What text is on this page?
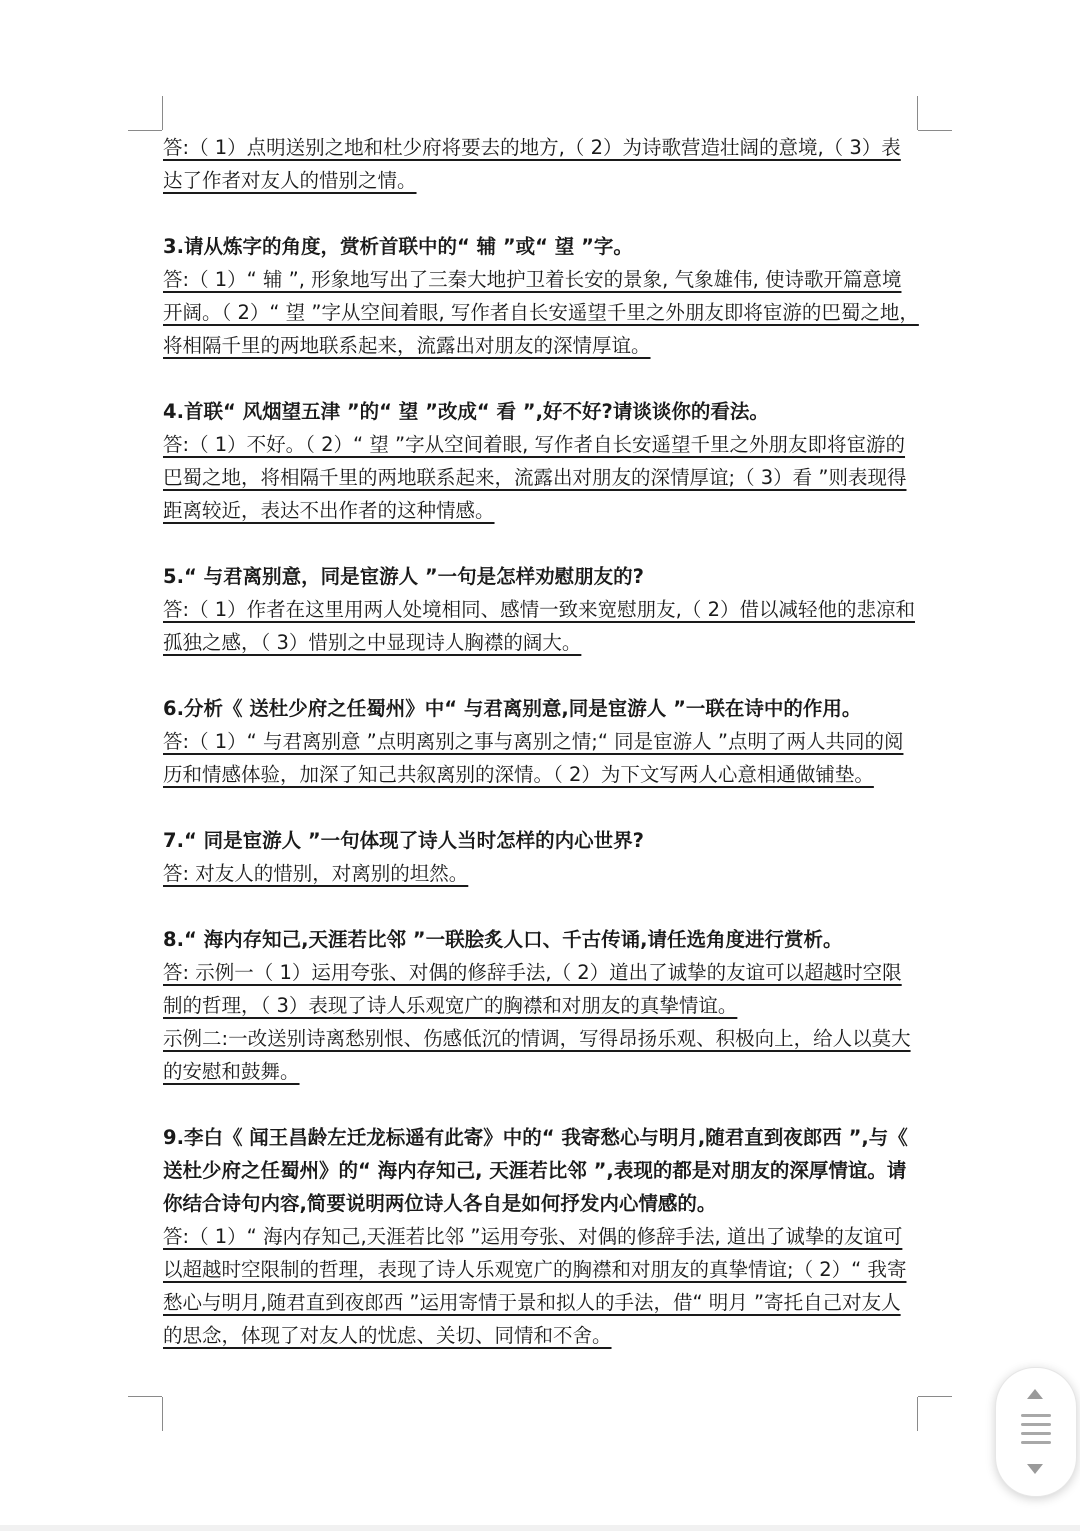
答:（ 1）点明送别之地和杜少府将要去的地方,（ 2）为诗歌营造壮阔的意境,（ 3）表达了作者对友人的惜别之情。

3.请从炼字的角度，赏析首联中的“ 辅 ”或“ 望 ”字。

答:（ 1）“ 辅 ”, 形象地写出了三秦大地护卫着长安的景象, 气象雄伟, 使诗歌开篇意境开阔。（ 2）“ 望 ”字从空间着眼, 写作者自长安遥望千里之外朋友即将宦游的巴蜀之地，将相隔千里的两地联系起来，流露出对朋友的深情厚谊。

4.首联“ 风烟望五津 ”的“ 望 ”改成“ 看 ”,好不好?请谈谈你的看法。

答:（ 1）不好。（ 2）“ 望 ”字从空间着眼, 写作者自长安遥望千里之外朋友即将宦游的巴蜀之地，将相隔千里的两地联系起来，流露出对朋友的深情厚谊;（ 3）看 ”则表现得距离较近，表达不出作者的这种情感。

5.“ 与君离别意，同是宦游人 ”一句是怎样劝慰朋友的?

答:（ 1）作者在这里用两人处境相同、感情一致来宽慰朋友,（ 2）借以减轻他的悲凉和孤独之感，（ 3）惜别之中显现诗人胸襟的阔大。

6.分析《 送杜少府之任蜀州》中“ 与君离别意,同是宦游人 ”一联在诗中的作用。

答:（ 1）“ 与君离别意 ”点明离别之事与离别之情;“ 同是宦游人 ”点明了两人共同的阅历和情感体验，加深了知己共叙离别的深情。（ 2）为下文写两人心意相通做铺垫。

7.“ 同是宦游人 ”一句体现了诗人当时怎样的内心世界?

答: 对友人的惜别，对离别的坦然。

8.“ 海内存知己,天涯若比邻 ”一联脍炙人口、千古传诵,请任选角度进行赏析。

答: 示例一（ 1）运用夸张、对偶的修辞手法,（ 2）道出了诚挚的友谊可以超越时空限制的哲理，（ 3）表现了诗人乐观宽广的胸襟和对朋友的真挚情谊。

示例二:一改送别诗离愁别恨、伤感低沉的情调，写得昂扬乐观、积极向上，给人以莫大的安慰和鼓舞。

9.李白《 闻王昌龄左迁龙标遥有此寄》中的“ 我寄愁心与明月,随君直到夜郎西 ”,与《 送杜少府之任蜀州》的“ 海内存知己, 天涯若比邻 ”,表现的都是对朋友的深厚情谊。请你结合诗句内容,简要说明两位诗人各自是如何抒发内心情感的。

答:（ 1）“ 海内存知己,天涯若比邻 ”运用夸张、对偶的修辞手法, 道出了诚挚的友谊可以超越时空限制的哲理，表现了诗人乐观宽广的胸襟和对朋友的真挚情谊;（ 2）“ 我寄愁心与明月,随君直到夜郎西 ”运用寄情于景和拟人的手法，借“ 明月 ”寄托自己对友人的思念，体现了对友人的忧虑、关切、同情和不舍。
